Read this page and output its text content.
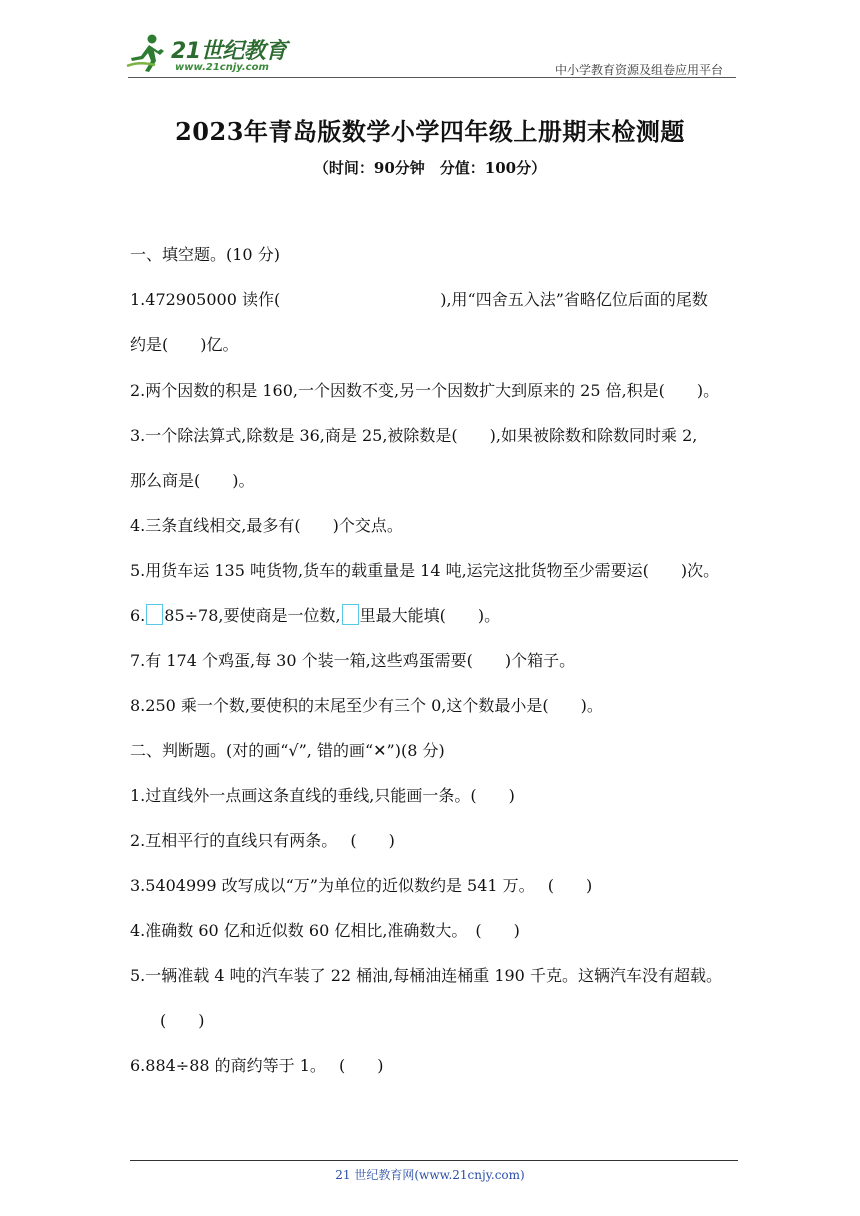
21世纪教育
www.21cnjy.com	中小学教育资源及组卷应用平台
2023年青岛版数学小学四年级上册期末检测题
（时间：90分钟　分值：100分）
一、填空题。(10 分)
1.472905000 读作(　　　　　　　　　　),用“四舍五入法”省略亿位后面的尾数
约是(　　)亿。
2.两个因数的积是 160,一个因数不变,另一个因数扩大到原来的 25 倍,积是(　　)。
3.一个除法算式,除数是 36,商是 25,被除数是(　　),如果被除数和除数同时乘 2,
那么商是(　　)。
4.三条直线相交,最多有(　　)个交点。
5.用货车运 135 吨货物,货车的载重量是 14 吨,运完这批货物至少需要运(　　)次。
6. 85÷78,要使商是一位数, 里最大能填(　　)。
7.有 174 个鸡蛋,每 30 个装一箱,这些鸡蛋需要(　　)个箱子。
8.250 乘一个数,要使积的末尾至少有三个 0,这个数最小是(　　)。
二、判断题。(对的画“√”, 错的画“✕”)(8 分)
1.过直线外一点画这条直线的垂线,只能画一条。(　　)
2.互相平行的直线只有两条。　 (　　)
3.5404999 改写成以“万”为单位的近似数约是 541 万。　 (　　)
4.准确数 60 亿和近似数 60 亿相比,准确数大。　(　　)
5.一辆准载 4 吨的汽车装了 22 桶油,每桶油连桶重 190 千克。这辆汽车没有超载。
(　　)
6.884÷88 的商约等于 1。　 (　　)
21 世纪教育网(www.21cnjy.com)
